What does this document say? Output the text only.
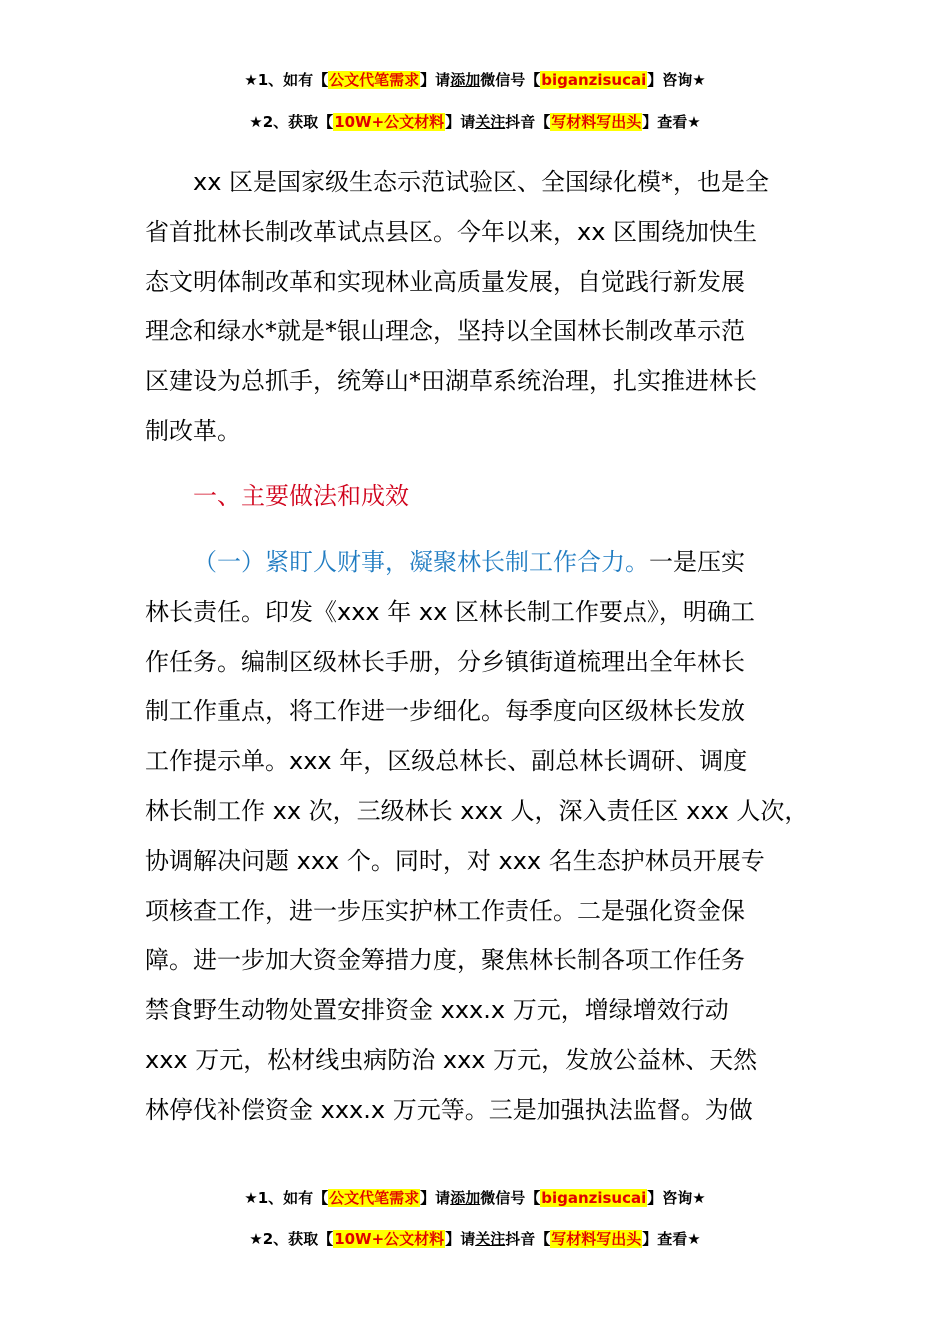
★1、如有【公文代笔需求】请添加微信号【biganzisucai】咨询★
★2、获取【10W+公文材料】请关注抖音【写材料写出头】查看★
　　xx 区是国家级生态示范试验区、全国绿化模*，也是全
省首批林长制改革试点县区。今年以来，xx 区围绕加快生
态文明体制改革和实现林业高质量发展，自觉践行新发展
理念和绿水*就是*银山理念，坚持以全国林长制改革示范
区建设为总抓手，统筹山*田湖草系统治理，扎实推进林长
制改革。
一、主要做法和成效
（一）紧盯人财事，凝聚林长制工作合力。一是压实
林长责任。印发《xxx 年 xx 区林长制工作要点》，明确工
作任务。编制区级林长手册，分乡镇街道梳理出全年林长
制工作重点，将工作进一步细化。每季度向区级林长发放
工作提示单。xxx 年，区级总林长、副总林长调研、调度
林长制工作 xx 次，三级林长 xxx 人，深入责任区 xxx 人次，
协调解决问题 xxx 个。同时，对 xxx 名生态护林员开展专
项核查工作，进一步压实护林工作责任。二是强化资金保
障。进一步加大资金筹措力度，聚焦林长制各项工作任务
禁食野生动物处置安排资金 xxx.x 万元，增绿增效行动
xxx 万元，松材线虫病防治 xxx 万元，发放公益林、天然
林停伐补偿资金 xxx.x 万元等。三是加强执法监督。为做
★1、如有【公文代笔需求】请添加微信号【biganzisucai】咨询★
★2、获取【10W+公文材料】请关注抖音【写材料写出头】查看★
